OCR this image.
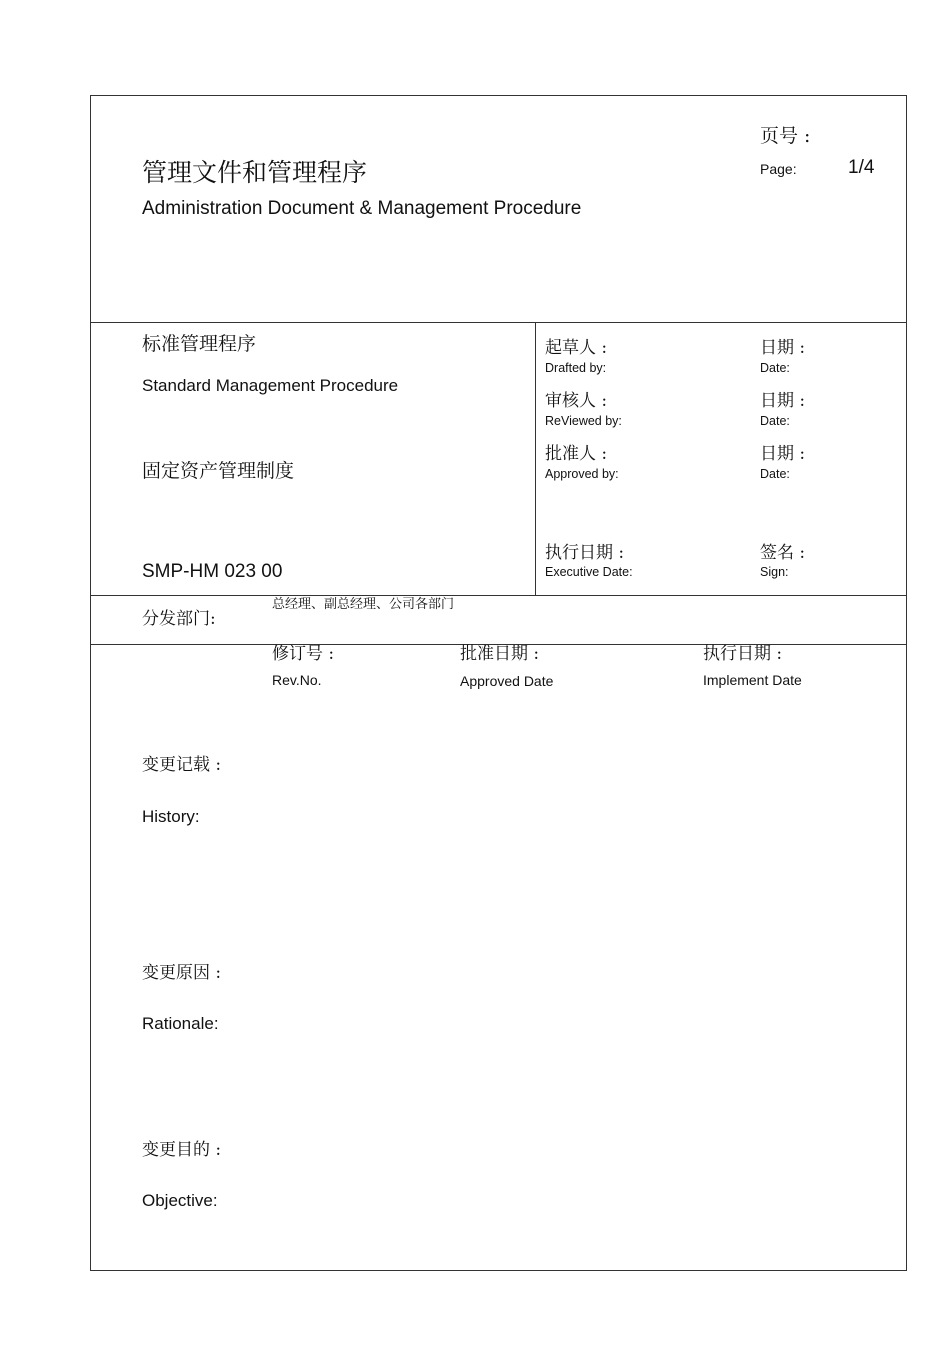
管理文件和管理程序
Administration Document & Management Procedure
页号 :
Page:	1/4
标准管理程序
Standard Management Procedure
固定资产管理制度
SMP-HM 023 00
起草人 :
Drafted by:
日期 :
Date:
审核人 :
ReViewed by:
日期 :
Date:
批准人 :
Approved by:
日期 :
Date:
执行日期 :
Executive Date:
签名 :
Sign:
分发部门:
总经理、副总经理、公司各部门
修订号 :
Rev.No.
批准日期 :
Approved Date
执行日期 :
Implement Date
变更记载 :
History:
变更原因 :
Rationale:
变更目的 :
Objective:
